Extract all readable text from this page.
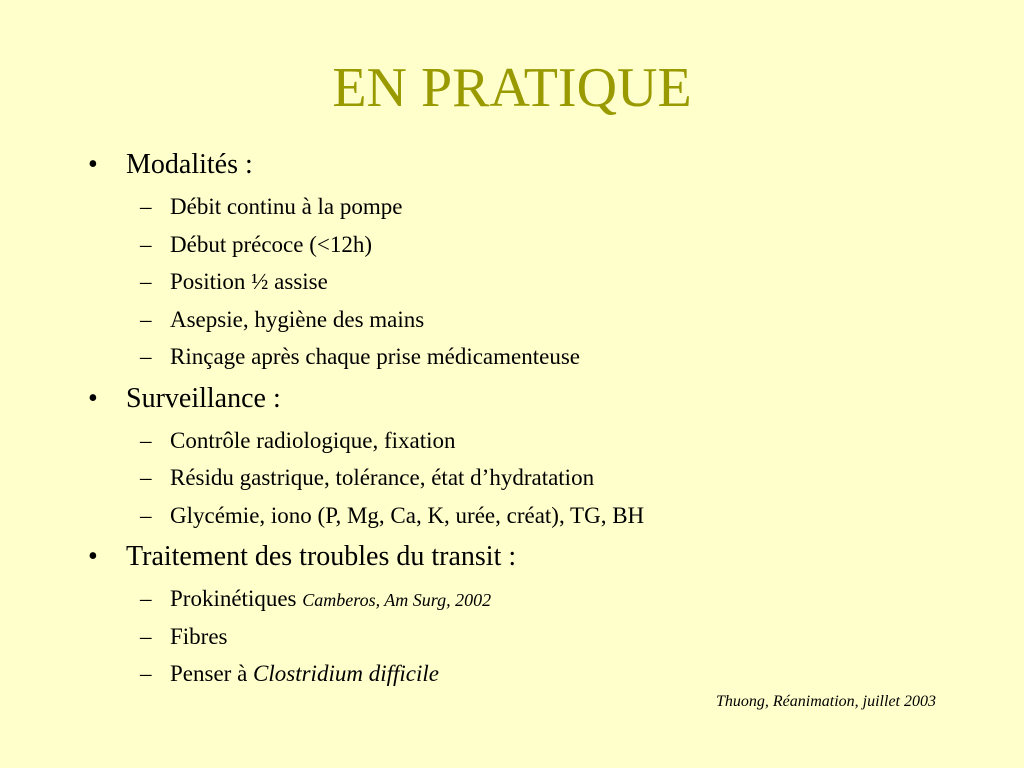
EN PRATIQUE
• Modalités :
– Débit continu à la pompe
– Début précoce (<12h)
– Position ½ assise
– Asepsie, hygiène des mains
– Rinçage après chaque prise médicamenteuse
• Surveillance :
– Contrôle radiologique, fixation
– Résidu gastrique, tolérance, état d’hydratation
– Glycémie, iono (P, Mg, Ca, K, urée, créat), TG, BH
• Traitement des troubles du transit :
– Prokinétiques Camberos, Am Surg, 2002
– Fibres
– Penser à Clostridium difficile
Thuong, Réanimation, juillet 2003
